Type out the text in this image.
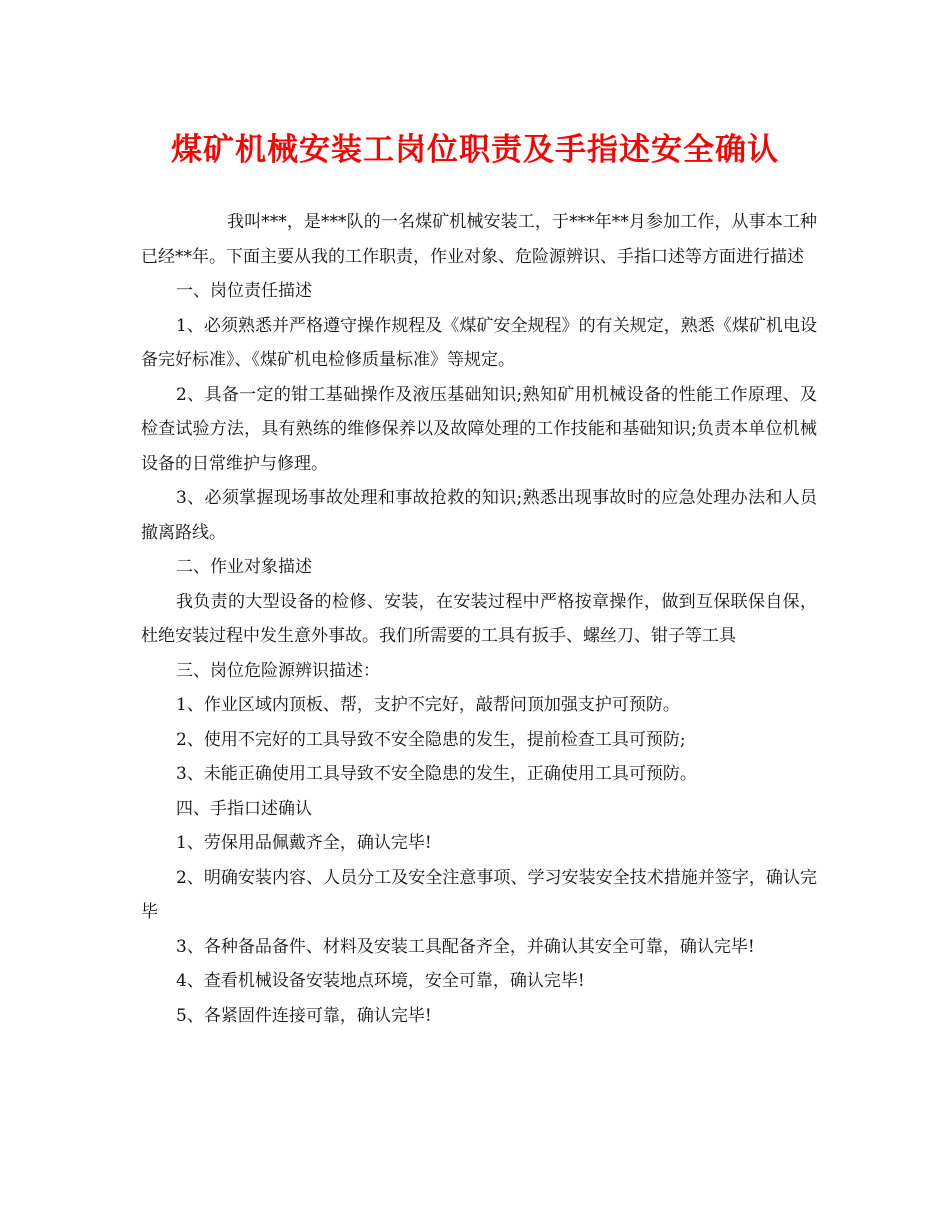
煤矿机械安装工岗位职责及手指述安全确认

我叫***，是***队的一名煤矿机械安装工，于***年**月参加工作，从事本工种已经**年。下面主要从我的工作职责，作业对象、危险源辨识、手指口述等方面进行描述

一、岗位责任描述

1、必须熟悉并严格遵守操作规程及《煤矿安全规程》的有关规定，熟悉《煤矿机电设备完好标准》、《煤矿机电检修质量标准》等规定。

2、具备一定的钳工基础操作及液压基础知识;熟知矿用机械设备的性能工作原理、及检查试验方法，具有熟练的维修保养以及故障处理的工作技能和基础知识;负责本单位机械设备的日常维护与修理。

3、必须掌握现场事故处理和事故抢救的知识;熟悉出现事故时的应急处理办法和人员撤离路线。

二、作业对象描述

我负责的大型设备的检修、安装，在安装过程中严格按章操作，做到互保联保自保，杜绝安装过程中发生意外事故。我们所需要的工具有扳手、螺丝刀、钳子等工具

三、岗位危险源辨识描述：

1、作业区域内顶板、帮，支护不完好，敲帮问顶加强支护可预防。

2、使用不完好的工具导致不安全隐患的发生，提前检查工具可预防;

3、未能正确使用工具导致不安全隐患的发生，正确使用工具可预防。

四、手指口述确认

1、劳保用品佩戴齐全，确认完毕!

2、明确安装内容、人员分工及安全注意事项、学习安装安全技术措施并签字，确认完毕

3、各种备品备件、材料及安装工具配备齐全，并确认其安全可靠，确认完毕!

4、查看机械设备安装地点环境，安全可靠，确认完毕!

5、各紧固件连接可靠，确认完毕!
